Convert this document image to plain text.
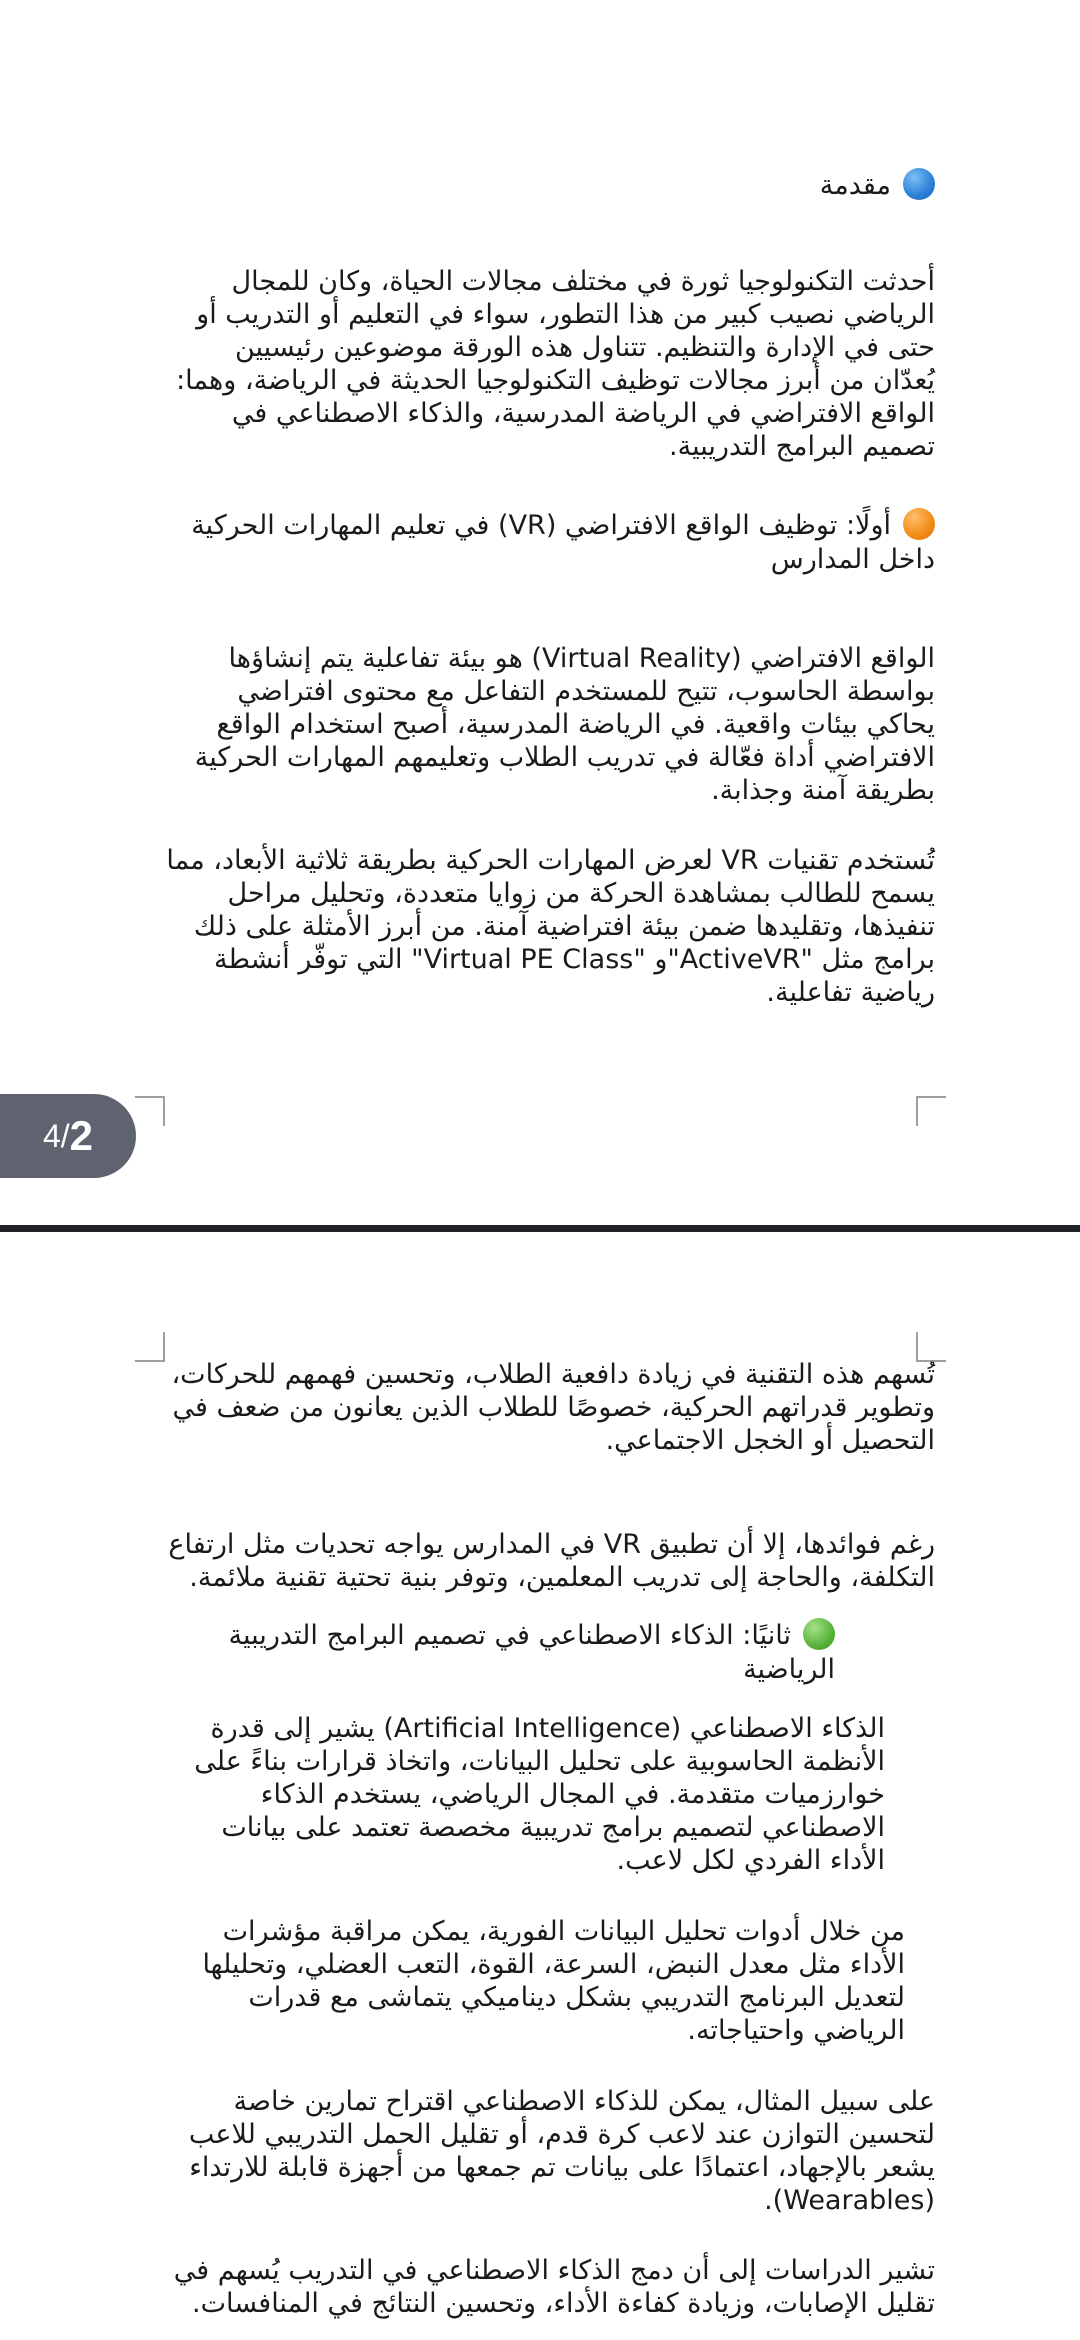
مقدمة

أحدثت التكنولوجيا ثورة في مختلف مجالات الحياة، وكان للمجال الرياضي نصيب كبير من هذا التطور، سواء في التعليم أو التدريب أو حتى في الإدارة والتنظيم. تتناول هذه الورقة موضوعين رئيسيين يُعدّان من أبرز مجالات توظيف التكنولوجيا الحديثة في الرياضة، وهما: الواقع الافتراضي في الرياضة المدرسية، والذكاء الاصطناعي في تصميم البرامج التدريبية.

أولًا: توظيف الواقع الافتراضي (VR) في تعليم المهارات الحركية داخل المدارس

الواقع الافتراضي (Virtual Reality) هو بيئة تفاعلية يتم إنشاؤها بواسطة الحاسوب، تتيح للمستخدم التفاعل مع محتوى افتراضي يحاكي بيئات واقعية. في الرياضة المدرسية، أصبح استخدام الواقع الافتراضي أداة فعّالة في تدريب الطلاب وتعليمهم المهارات الحركية بطريقة آمنة وجذابة.

تُستخدم تقنيات VR لعرض المهارات الحركية بطريقة ثلاثية الأبعاد، مما يسمح للطالب بمشاهدة الحركة من زوايا متعددة، وتحليل مراحل تنفيذها، وتقليدها ضمن بيئة افتراضية آمنة. من أبرز الأمثلة على ذلك برامج مثل "ActiveVR"و "Virtual PE Class" التي توفّر أنشطة رياضية تفاعلية.

4/ 2

تُسهم هذه التقنية في زيادة دافعية الطلاب، وتحسين فهمهم للحركات، وتطوير قدراتهم الحركية، خصوصًا للطلاب الذين يعانون من ضعف في التحصيل أو الخجل الاجتماعي.

رغم فوائدها، إلا أن تطبيق VR في المدارس يواجه تحديات مثل ارتفاع التكلفة، والحاجة إلى تدريب المعلمين، وتوفر بنية تحتية تقنية ملائمة.

ثانيًا: الذكاء الاصطناعي في تصميم البرامج التدريبية الرياضية

الذكاء الاصطناعي (Artificial Intelligence) يشير إلى قدرة الأنظمة الحاسوبية على تحليل البيانات، واتخاذ قرارات بناءً على خوارزميات متقدمة. في المجال الرياضي، يستخدم الذكاء الاصطناعي لتصميم برامج تدريبية مخصصة تعتمد على بيانات الأداء الفردي لكل لاعب.

من خلال أدوات تحليل البيانات الفورية، يمكن مراقبة مؤشرات الأداء مثل معدل النبض، السرعة، القوة، التعب العضلي، وتحليلها لتعديل البرنامج التدريبي بشكل ديناميكي يتماشى مع قدرات الرياضي واحتياجاته.

على سبيل المثال، يمكن للذكاء الاصطناعي اقتراح تمارين خاصة لتحسين التوازن عند لاعب كرة قدم، أو تقليل الحمل التدريبي للاعب يشعر بالإجهاد، اعتمادًا على بيانات تم جمعها من أجهزة قابلة للارتداء (Wearables).

تشير الدراسات إلى أن دمج الذكاء الاصطناعي في التدريب يُسهم في تقليل الإصابات، وزيادة كفاءة الأداء، وتحسين النتائج في المنافسات.
